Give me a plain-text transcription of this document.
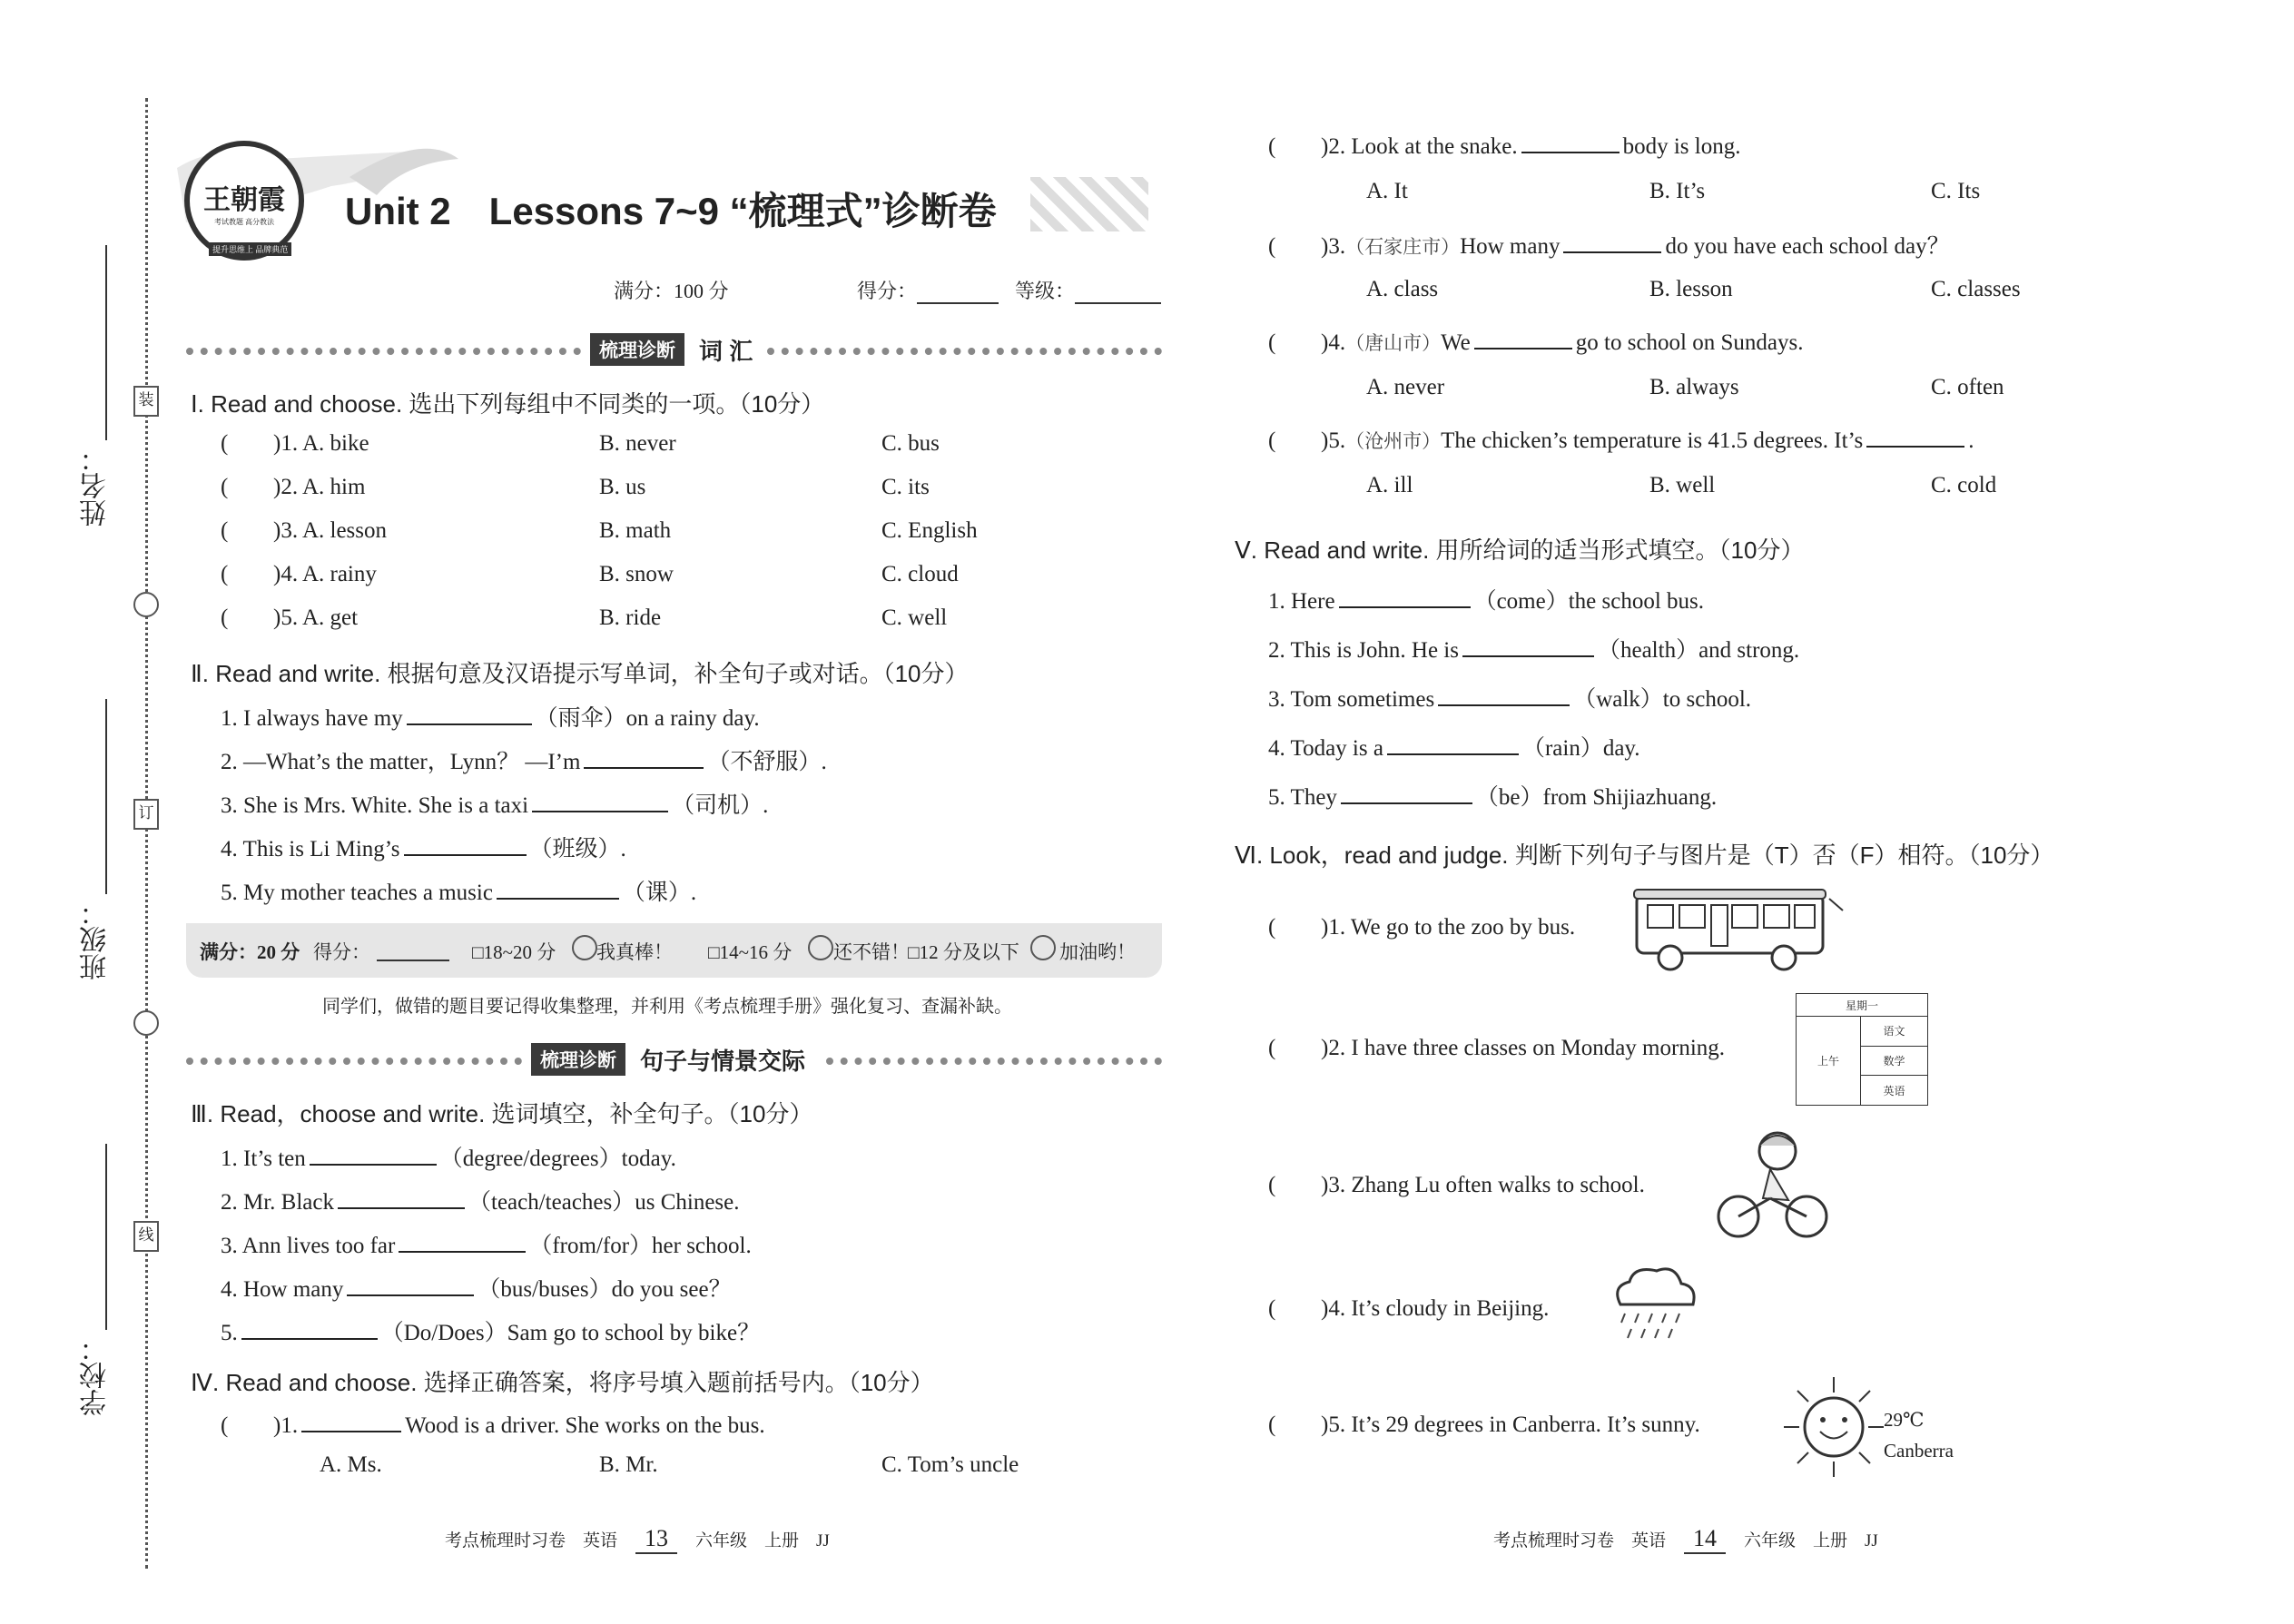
姓名：
班级：
学校：
装
订
线
王朝霞
考试教题 高分教法
提升思维上 品牌典范
Unit 2　Lessons 7~9 “梳理式”诊断卷
满分：100 分	得分：	等级：
梳理诊断	词 汇
Ⅰ. Read and choose. 选出下列每组中不同类的一项。（10分）
( )1. A. bike	B. never	C. bus
( )2. A. him	B. us	C. its
( )3. A. lesson	B. math	C. English
( )4. A. rainy	B. snow	C. cloud
( )5. A. get	B. ride	C. well
Ⅱ. Read and write. 根据句意及汉语提示写单词，补全句子或对话。（10分）
1. I always have my	（雨伞）on a rainy day.
2. —What’s the matter，Lynn？ —I’m	（不舒服）.
3. She is Mrs. White. She is a taxi	（司机）.
4. This is Li Ming’s	（班级）.
5. My mother teaches a music	（课）.
满分：20 分 得分：	□18~20 分 我真棒！ □14~16 分 还不错！
□12 分及以下 加油哟！
同学们，做错的题目要记得收集整理，并利用《考点梳理手册》强化复习、查漏补缺。
梳理诊断	句子与情景交际
Ⅲ. Read，choose and write. 选词填空，补全句子。（10分）
1. It’s ten	（degree/degrees）today.
2. Mr. Black	（teach/teaches）us Chinese.
3. Ann lives too far	（from/for）her school.
4. How many	（bus/buses）do you see？
5.	（Do/Does）Sam go to school by bike？
Ⅳ. Read and choose. 选择正确答案，将序号填入题前括号内。（10分）
( )1.	Wood is a driver. She works on the bus.
A. Ms.	B. Mr.	C. Tom’s uncle
考点梳理时习卷　英语 13 六年级　上册　JJ
( )2. Look at the snake.	body is long.
A. It	B. It’s	C. Its
( )3.（石家庄市）How many	do you have each school day？
A. class	B. lesson	C. classes
( )4.（唐山市）We	go to school on Sundays.
A. never	B. always	C. often
( )5.（沧州市）The chicken’s temperature is 41.5 degrees. It’s	.
A. ill	B. well	C. cold
Ⅴ. Read and write. 用所给词的适当形式填空。（10分）
1. Here	（come）the school bus.
2. This is John. He is	（health）and strong.
3. Tom sometimes	（walk）to school.
4. Today is a	（rain）day.
5. They	（be）from Shijiazhuang.
Ⅵ. Look，read and judge. 判断下列句子与图片是（T）否（F）相符。（10分）
( )1. We go to the zoo by bus.
( )2. I have three classes on Monday morning.
星期一
上午	语文
数学
英语
( )3. Zhang Lu often walks to school.
( )4. It’s cloudy in Beijing.
( )5. It’s 29 degrees in Canberra. It’s sunny.	29℃
Canberra
考点梳理时习卷　英语 14 六年级　上册　JJ
